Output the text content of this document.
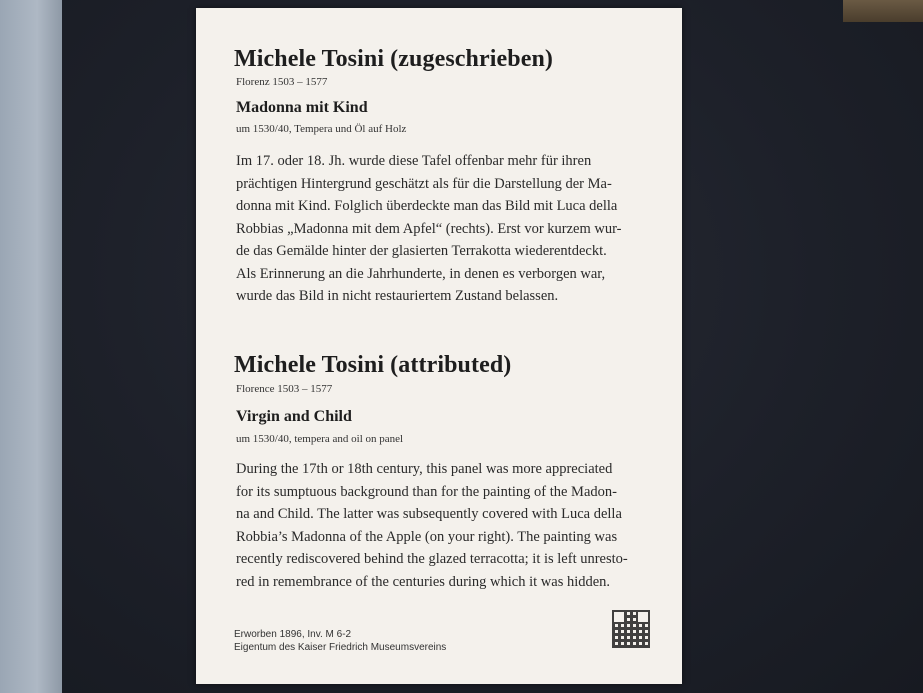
Michele Tosini (zugeschrieben)
Florenz 1503 – 1577
Madonna mit Kind
um 1530/40, Tempera und Öl auf Holz
Im 17. oder 18. Jh. wurde diese Tafel offenbar mehr für ihren
prächtigen Hintergrund geschätzt als für die Darstellung der Ma-
donna mit Kind. Folglich überdeckte man das Bild mit Luca della
Robbias „Madonna mit dem Apfel“ (rechts). Erst vor kurzem wur-
de das Gemälde hinter der glasierten Terrakotta wiederentdeckt.
Als Erinnerung an die Jahrhunderte, in denen es verborgen war,
wurde das Bild in nicht restauriertem Zustand belassen.
Michele Tosini (attributed)
Florence 1503 – 1577
Virgin and Child
um 1530/40, tempera and oil on panel
During the 17th or 18th century, this panel was more appreciated
for its sumptuous background than for the painting of the Madon-
na and Child. The latter was subsequently covered with Luca della
Robbia’s Madonna of the Apple (on your right). The painting was
recently rediscovered behind the glazed terracotta; it is left unresto-
red in remembrance of the centuries during which it was hidden.
Erworben 1896, Inv. M 6-2
Eigentum des Kaiser Friedrich Museumsvereins
